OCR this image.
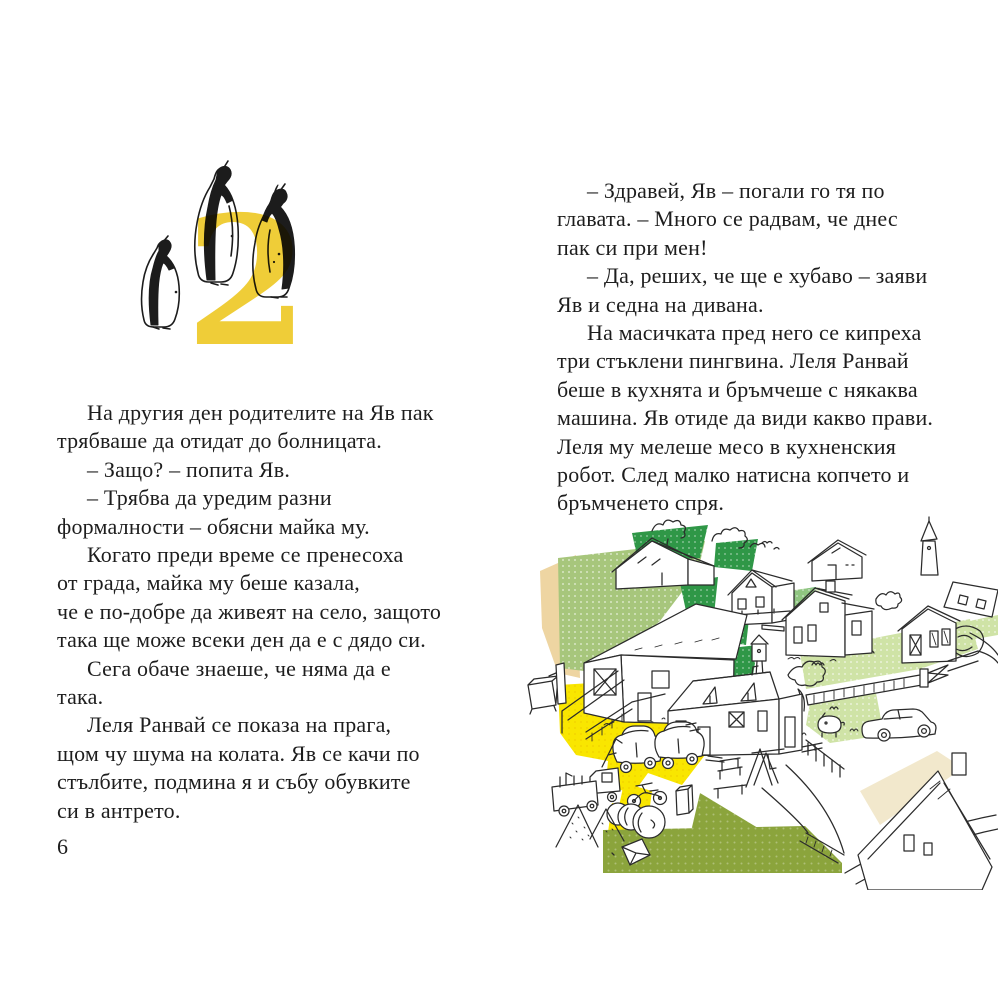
2
На другия ден родителите на Яв пак
трябваше да отидат до болницата.
– Защо? – попита Яв.
– Трябва да уредим разни
формалности – обясни майка му.
Когато преди време се пренесоха
от града, майка му беше казала,
че е по-добре да живеят на село, защото
така ще може всеки ден да е с дядо си.
Сега обаче знаеше, че няма да е
така.
Леля Ранвай се показа на прага,
щом чу шума на колата. Яв се качи по
стълбите, подмина я и събу обувките
си в антрето.
6
– Здравей, Яв – погали го тя по
главата. – Много се радвам, че днес
пак си при мен!
– Да, реших, че ще е хубаво – заяви
Яв и седна на дивана.
На масичката пред него се кипреха
три стъклени пингвина. Леля Ранвай
беше в кухнята и бръмчеше с някаква
машина. Яв отиде да види какво прави.
Леля му мелеше месо в кухненския
робот. След малко натисна копчето и
бръмченето спря.
